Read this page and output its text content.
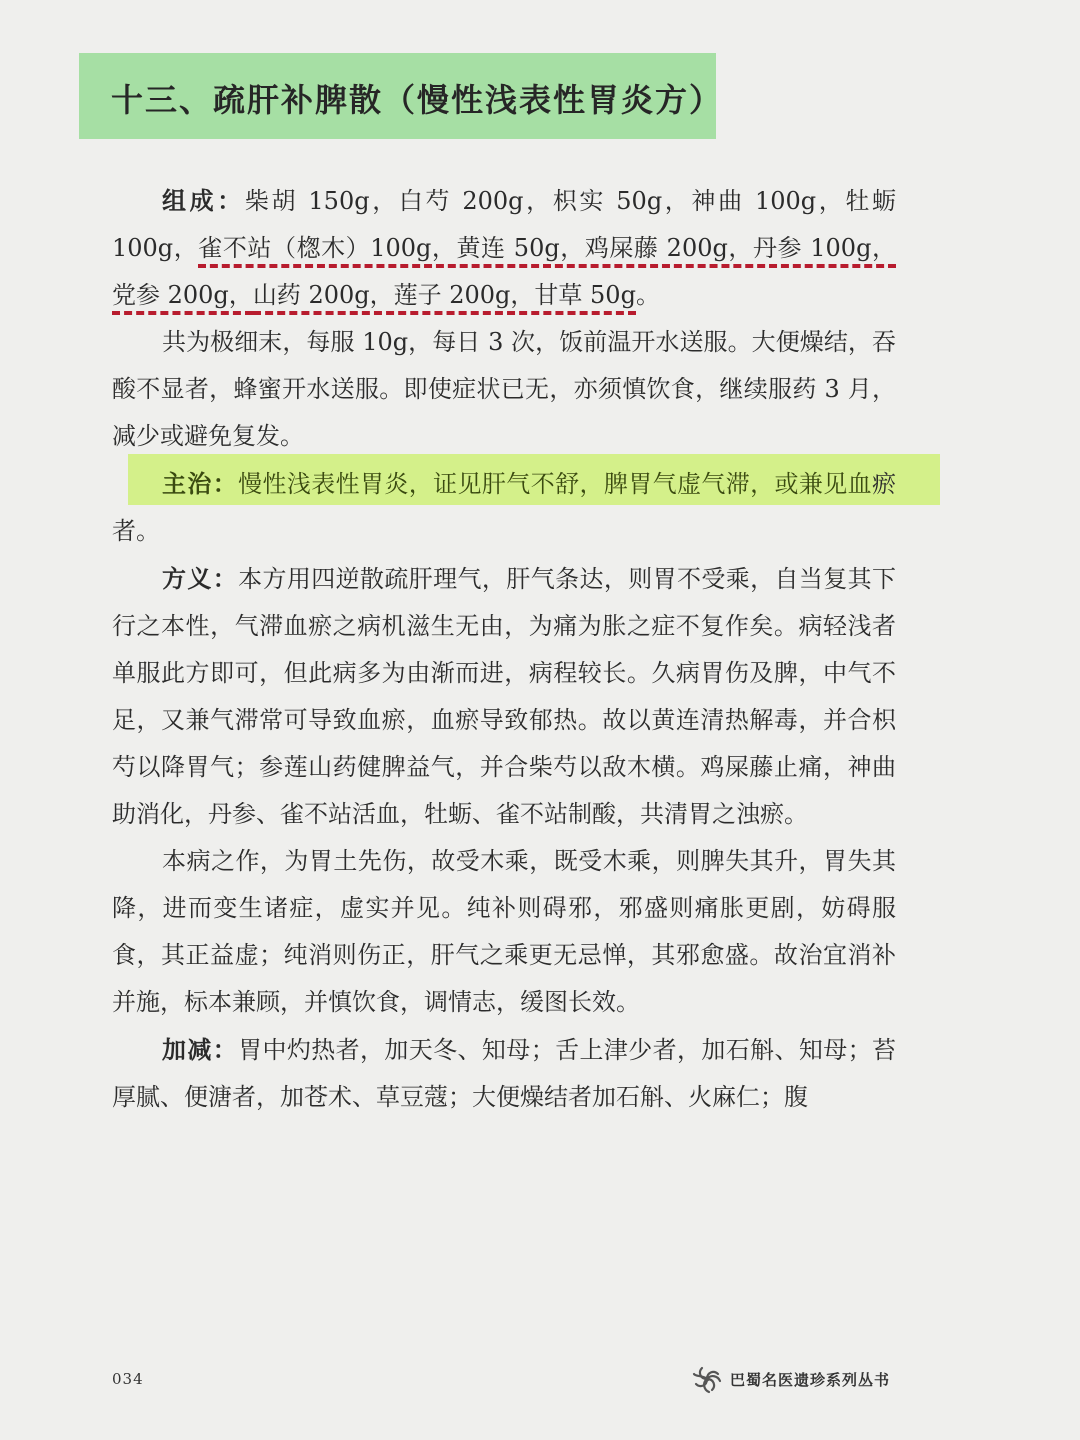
十三、疏肝补脾散（慢性浅表性胃炎方）

组成：柴胡 150g，白芍 200g，枳实 50g，神曲 100g，牡蛎 100g，雀不站（楤木）100g，黄连 50g，鸡屎藤 200g，丹参 100g，党参 200g，山药 200g，莲子 200g，甘草 50g。

共为极细末，每服 10g，每日 3 次，饭前温开水送服。大便燥结，吞酸不显者，蜂蜜开水送服。即使症状已无，亦须慎饮食，继续服药 3 月，减少或避免复发。

主治：慢性浅表性胃炎，证见肝气不舒，脾胃气虚气滞，或兼见血瘀者。

方义：本方用四逆散疏肝理气，肝气条达，则胃不受乘，自当复其下行之本性，气滞血瘀之病机滋生无由，为痛为胀之症不复作矣。病轻浅者单服此方即可，但此病多为由渐而进，病程较长。久病胃伤及脾，中气不足，又兼气滞常可导致血瘀，血瘀导致郁热。故以黄连清热解毒，并合枳芍以降胃气；参莲山药健脾益气，并合柴芍以敌木横。鸡屎藤止痛，神曲助消化，丹参、雀不站活血，牡蛎、雀不站制酸，共清胃之浊瘀。

本病之作，为胃土先伤，故受木乘，既受木乘，则脾失其升，胃失其降，进而变生诸症，虚实并见。纯补则碍邪，邪盛则痛胀更剧，妨碍服食，其正益虚；纯消则伤正，肝气之乘更无忌惮，其邪愈盛。故治宜消补并施，标本兼顾，并慎饮食，调情志，缓图长效。

加减：胃中灼热者，加天冬、知母；舌上津少者，加石斛、知母；苔厚腻、便溏者，加苍术、草豆蔻；大便燥结者加石斛、火麻仁；腹

034	巴蜀名医遗珍系列丛书
